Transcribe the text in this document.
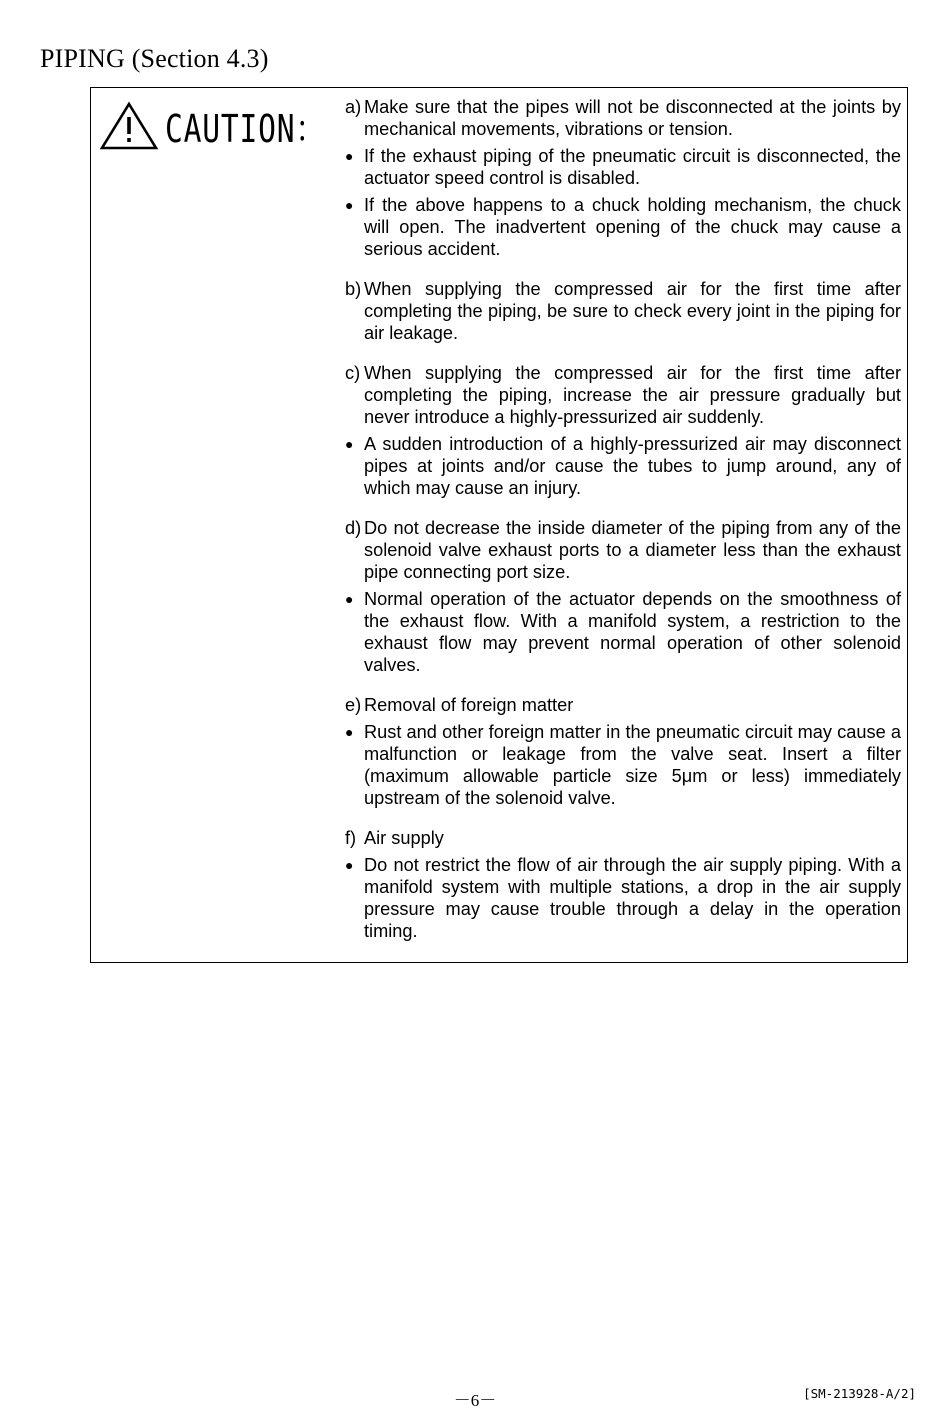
PIPING (Section 4.3)
CAUTION： a) Make sure that the pipes will not be disconnected at the joints by mechanical movements, vibrations or tension.
● If the exhaust piping of the pneumatic circuit is disconnected, the actuator speed control is disabled.
● If the above happens to a chuck holding mechanism, the chuck will open. The inadvertent opening of the chuck may cause a serious accident.
b) When supplying the compressed air for the first time after completing the piping, be sure to check every joint in the piping for air leakage.
c) When supplying the compressed air for the first time after completing the piping, increase the air pressure gradually but never introduce a highly-pressurized air suddenly.
● A sudden introduction of a highly-pressurized air may disconnect pipes at joints and/or cause the tubes to jump around, any of which may cause an injury.
d) Do not decrease the inside diameter of the piping from any of the solenoid valve exhaust ports to a diameter less than the exhaust pipe connecting port size.
● Normal operation of the actuator depends on the smoothness of the exhaust flow. With a manifold system, a restriction to the exhaust flow may prevent normal operation of other solenoid valves.
e) Removal of foreign matter
● Rust and other foreign matter in the pneumatic circuit may cause a malfunction or leakage from the valve seat. Insert a filter (maximum allowable particle size 5μm or less) immediately upstream of the solenoid valve.
f) Air supply
● Do not restrict the flow of air through the air supply piping. With a manifold system with multiple stations, a drop in the air supply pressure may cause trouble through a delay in the operation timing.
－6－	[SM-213928-A/2]
